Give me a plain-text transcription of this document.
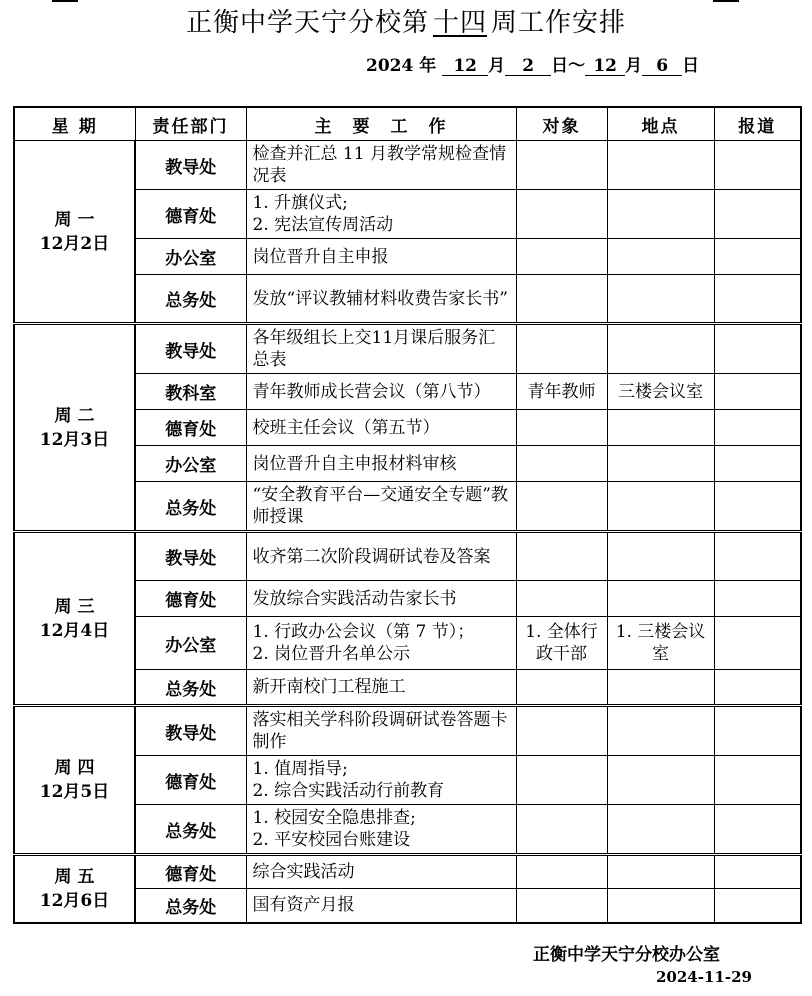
正衡中学天宁分校第 十四 周工作安排
2024 年 12 月 2 日～ 12 月 6 日
星 期	责任部门	主　要　工　作	对象	地点	报道

周 一
12月2日	教导处	检查并汇总 11 月教学常规检查情况表			
	德育处	1. 升旗仪式;
2. 宪法宣传周活动			

	办公室	岗位晋升自主申报			
	总务处	发放“评议教辅材料收费告家长书”			

周 二
12月3日	教导处	各年级组长上交11月课后服务汇总表			
	教科室	青年教师成长营会议（第八节）	青年教师	三楼会议室	
	德育处	校班主任会议（第五节）			
	办公室	岗位晋升自主申报材料审核			
	总务处	“安全教育平台—交通安全专题”教师授课			

周 三
12月4日	教导处	收齐第二次阶段调研试卷及答案			
	德育处	发放综合实践活动告家长书			
	办公室	1. 行政办公会议（第 7 节）；
2. 岗位晋升名单公示	1. 全体行政干部	1. 三楼会议室	
	总务处	新开南校门工程施工			

周 四
12月5日	教导处	落实相关学科阶段调研试卷答题卡制作			
	德育处	1. 值周指导;
2. 综合实践活动行前教育			

	总务处	1. 校园安全隐患排查;
2. 平安校园台账建设			

周 五
12月6日	德育处	综合实践活动			
	总务处	国有资产月报			
正衡中学天宁分校办公室
2024-11-29
